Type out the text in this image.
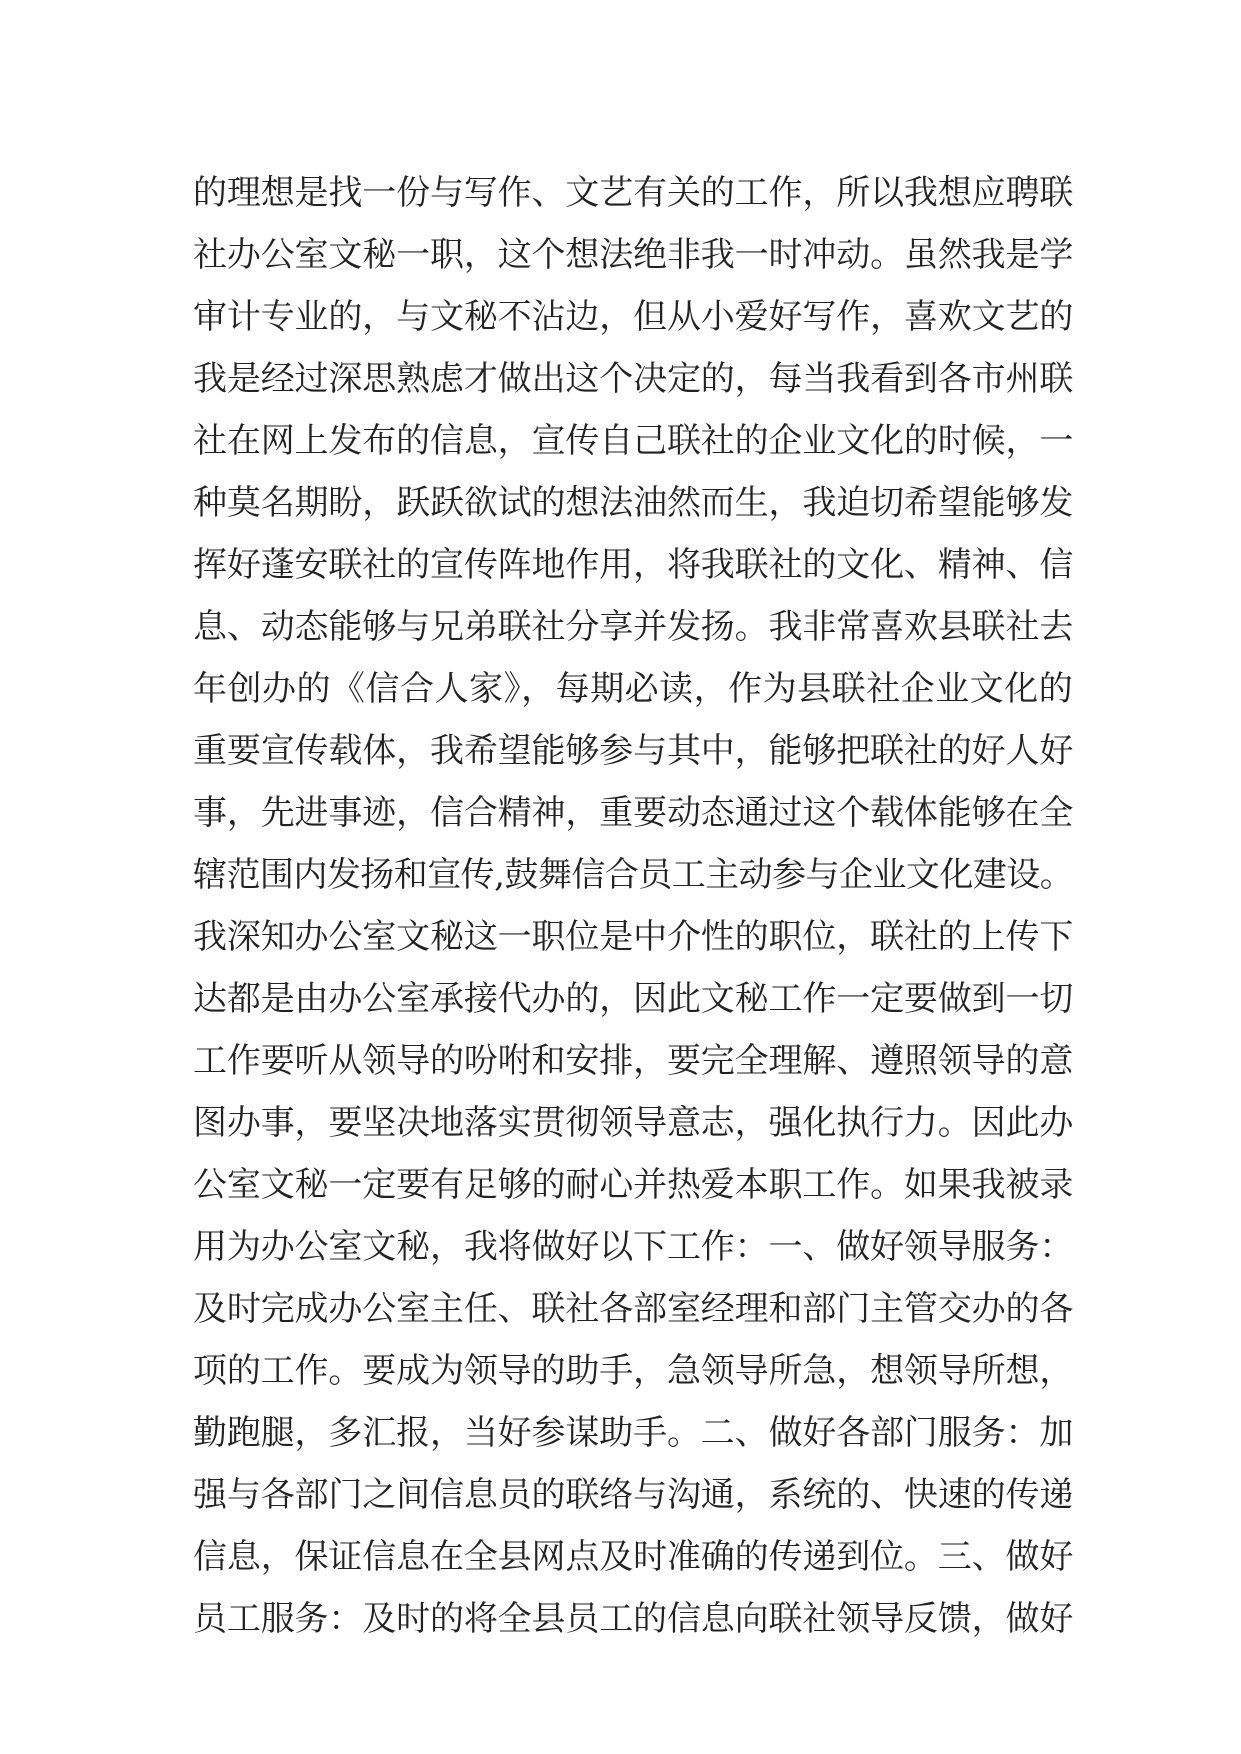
的理想是找一份与写作、文艺有关的工作，所以我想应聘联
社办公室文秘一职，这个想法绝非我一时冲动。虽然我是学
审计专业的，与文秘不沾边，但从小爱好写作，喜欢文艺的
我是经过深思熟虑才做出这个决定的，每当我看到各市州联
社在网上发布的信息，宣传自己联社的企业文化的时候，一
种莫名期盼，跃跃欲试的想法油然而生，我迫切希望能够发
挥好蓬安联社的宣传阵地作用，将我联社的文化、精神、信
息、动态能够与兄弟联社分享并发扬。我非常喜欢县联社去
年创办的《信合人家》，每期必读，作为县联社企业文化的
重要宣传载体，我希望能够参与其中，能够把联社的好人好
事，先进事迹，信合精神，重要动态通过这个载体能够在全
辖范围内发扬和宣传,鼓舞信合员工主动参与企业文化建设。
我深知办公室文秘这一职位是中介性的职位，联社的上传下
达都是由办公室承接代办的，因此文秘工作一定要做到一切
工作要听从领导的吩咐和安排，要完全理解、遵照领导的意
图办事，要坚决地落实贯彻领导意志，强化执行力。因此办
公室文秘一定要有足够的耐心并热爱本职工作。如果我被录
用为办公室文秘，我将做好以下工作：一、做好领导服务：
及时完成办公室主任、联社各部室经理和部门主管交办的各
项的工作。要成为领导的助手，急领导所急，想领导所想，
勤跑腿，多汇报，当好参谋助手。二、做好各部门服务：加
强与各部门之间信息员的联络与沟通，系统的、快速的传递
信息，保证信息在全县网点及时准确的传递到位。三、做好
员工服务：及时的将全县员工的信息向联社领导反馈，做好
